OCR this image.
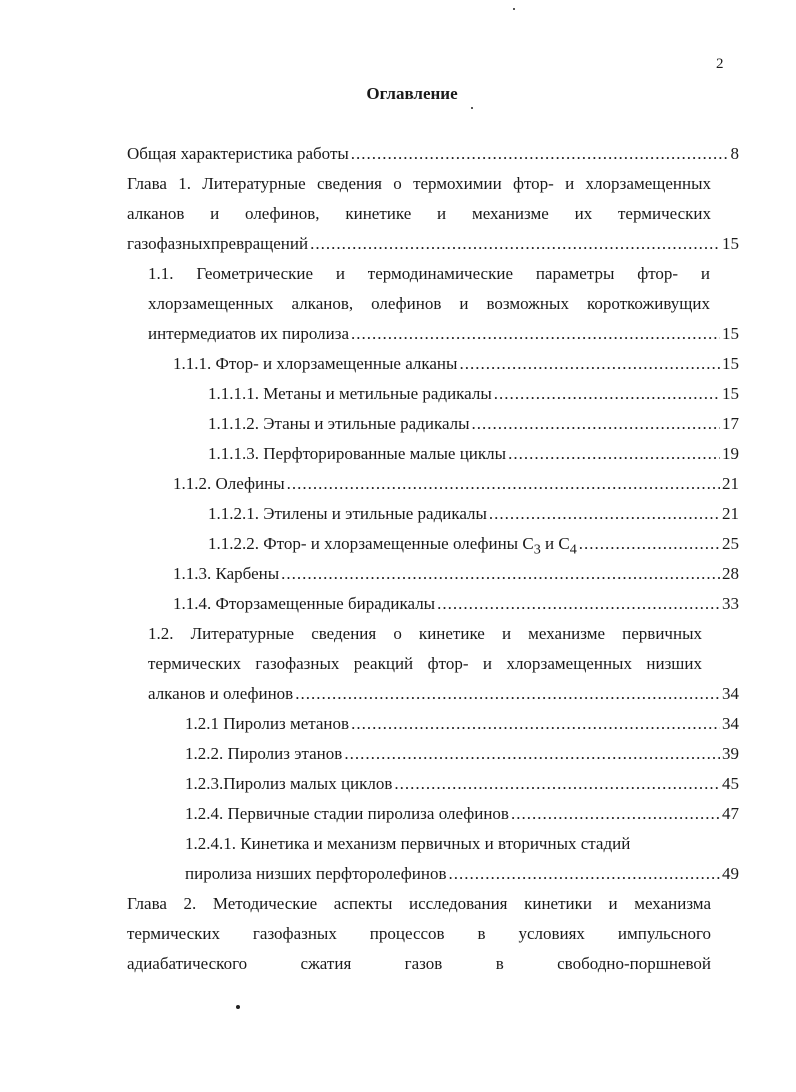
2
Оглавление
Общая характеристика работы .....	8
Глава 1. Литературные сведения о термохимии фтор- и хлорзамещенных
алканов и олефинов, кинетике и механизме их термических
газофазныхпревращений .....	15
1.1. Геометрические и термодинамические параметры фтор- и
хлорзамещенных алканов, олефинов и возможных короткоживущих
интермедиатов их пиролиза .....	15
1.1.1. Фтор- и хлорзамещенные алканы .....	15
1.1.1.1. Метаны и метильные радикалы .....	15
1.1.1.2. Этаны и этильные радикалы .....	17
1.1.1.3. Перфторированные малые циклы .....	19
1.1.2. Олефины .....	21
1.1.2.1. Этилены и этильные радикалы .....	21
1.1.2.2. Фтор- и хлорзамещенные олефины $C_3$ и $C_4$ .....	25
1.1.3. Карбены .....	28
1.1.4. Фторзамещенные бирадикалы .....	33
1.2. Литературные сведения о кинетике и механизме первичных
термических газофазных реакций фтор- и хлорзамещенных низших
алканов и олефинов .....	34
1.2.1 Пиролиз метанов .....	34
1.2.2. Пиролиз этанов .....	39
1.2.3.Пиролиз малых циклов .....	45
1.2.4. Первичные стадии пиролиза олефинов .....	47
1.2.4.1. Кинетика и механизм первичных и вторичных стадий
пиролиза низших перфторолефинов .....	49
Глава 2. Методические аспекты исследования кинетики и механизма
термических газофазных процессов в условиях импульсного
адиабатического сжатия газов в свободно-поршневой
